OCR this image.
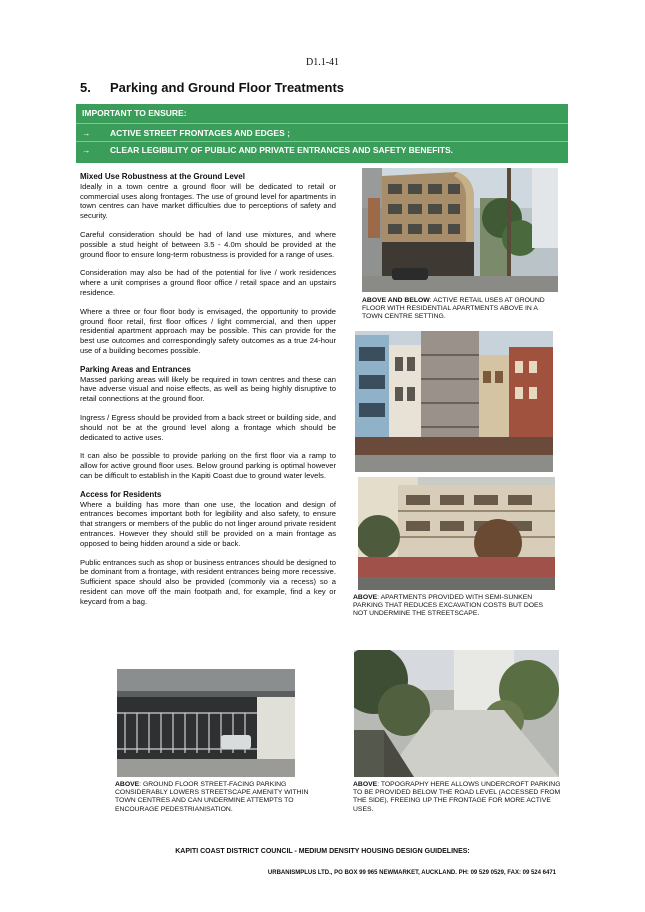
D1.1-41
5. Parking and Ground Floor Treatments
IMPORTANT TO ENSURE:
→ ACTIVE STREET FRONTAGES AND EDGES ;
→ CLEAR LEGIBILITY OF PUBLIC AND PRIVATE ENTRANCES AND SAFETY BENEFITS.
Mixed Use Robustness at the Ground Level

Ideally in a town centre a ground floor will be dedicated to retail or commercial uses along frontages. The use of ground level for apartments in town centres can have market difficulties due to perceptions of safety and security.

Careful consideration should be had of land use mixtures, and where possible a stud height of between 3.5 - 4.0m should be provided at the ground floor to ensure long-term robustness is provided for a range of uses.

Consideration may also be had of the potential for live / work residences where a unit comprises a ground floor office / retail space and an upstairs residence.

Where a three or four floor body is envisaged, the opportunity to provide ground floor retail, first floor offices / light commercial, and then upper residential apartment approach may be possible. This can provide for the best use outcomes and correspondingly safety outcomes as a true 24-hour use of a building becomes possible.

Parking Areas and Entrances

Massed parking areas will likely be required in town centres and these can have adverse visual and noise effects, as well as being highly disruptive to retail connections at the ground floor.

Ingress / Egress should be provided from a back street or building side, and should not be at the ground level along a frontage which should be dedicated to active uses.

It can also be possible to provide parking on the first floor via a ramp to allow for active ground floor uses. Below ground parking is optimal however can be difficult to establish in the Kapiti Coast due to ground water levels.

Access for Residents

Where a building has more than one use, the location and design of entrances becomes important both for legibility and also safety, to ensure that strangers or members of the public do not linger around private resident entrances. However they should still be provided on a main frontage as opposed to being hidden around a side or back.

Public entrances such as shop or business entrances should be designed to be dominant from a frontage, with resident entrances being more recessive. Sufficient space should also be provided (commonly via a recess) so a resident can move off the main footpath and, for example, find a key or keycard from a bag.

ABOVE AND BELOW: ACTIVE RETAIL USES AT GROUND FLOOR WITH RESIDENTIAL APARTMENTS ABOVE IN A TOWN CENTRE SETTING.
ABOVE: APARTMENTS PROVIDED WITH SEMI-SUNKEN PARKING THAT REDUCES EXCAVATION COSTS BUT DOES NOT UNDERMINE THE STREETSCAPE.
ABOVE: GROUND FLOOR STREET-FACING PARKING CONSIDERABLY LOWERS STREETSCAPE AMENITY WITHIN TOWN CENTRES AND CAN UNDERMINE ATTEMPTS TO ENCOURAGE PEDESTRIANISATION.
ABOVE: TOPOGRAPHY HERE ALLOWS UNDERCROFT PARKING TO BE PROVIDED BELOW THE ROAD LEVEL (ACCESSED FROM THE SIDE), FREEING UP THE FRONTAGE FOR MORE ACTIVE USES.
KAPITI COAST DISTRICT COUNCIL - MEDIUM DENSITY HOUSING DESIGN GUIDELINES:
URBANISMPLUS LTD., PO BOX 99 965 NEWMARKET, AUCKLAND. PH: 09 529 0529, FAX: 09 524 6471
